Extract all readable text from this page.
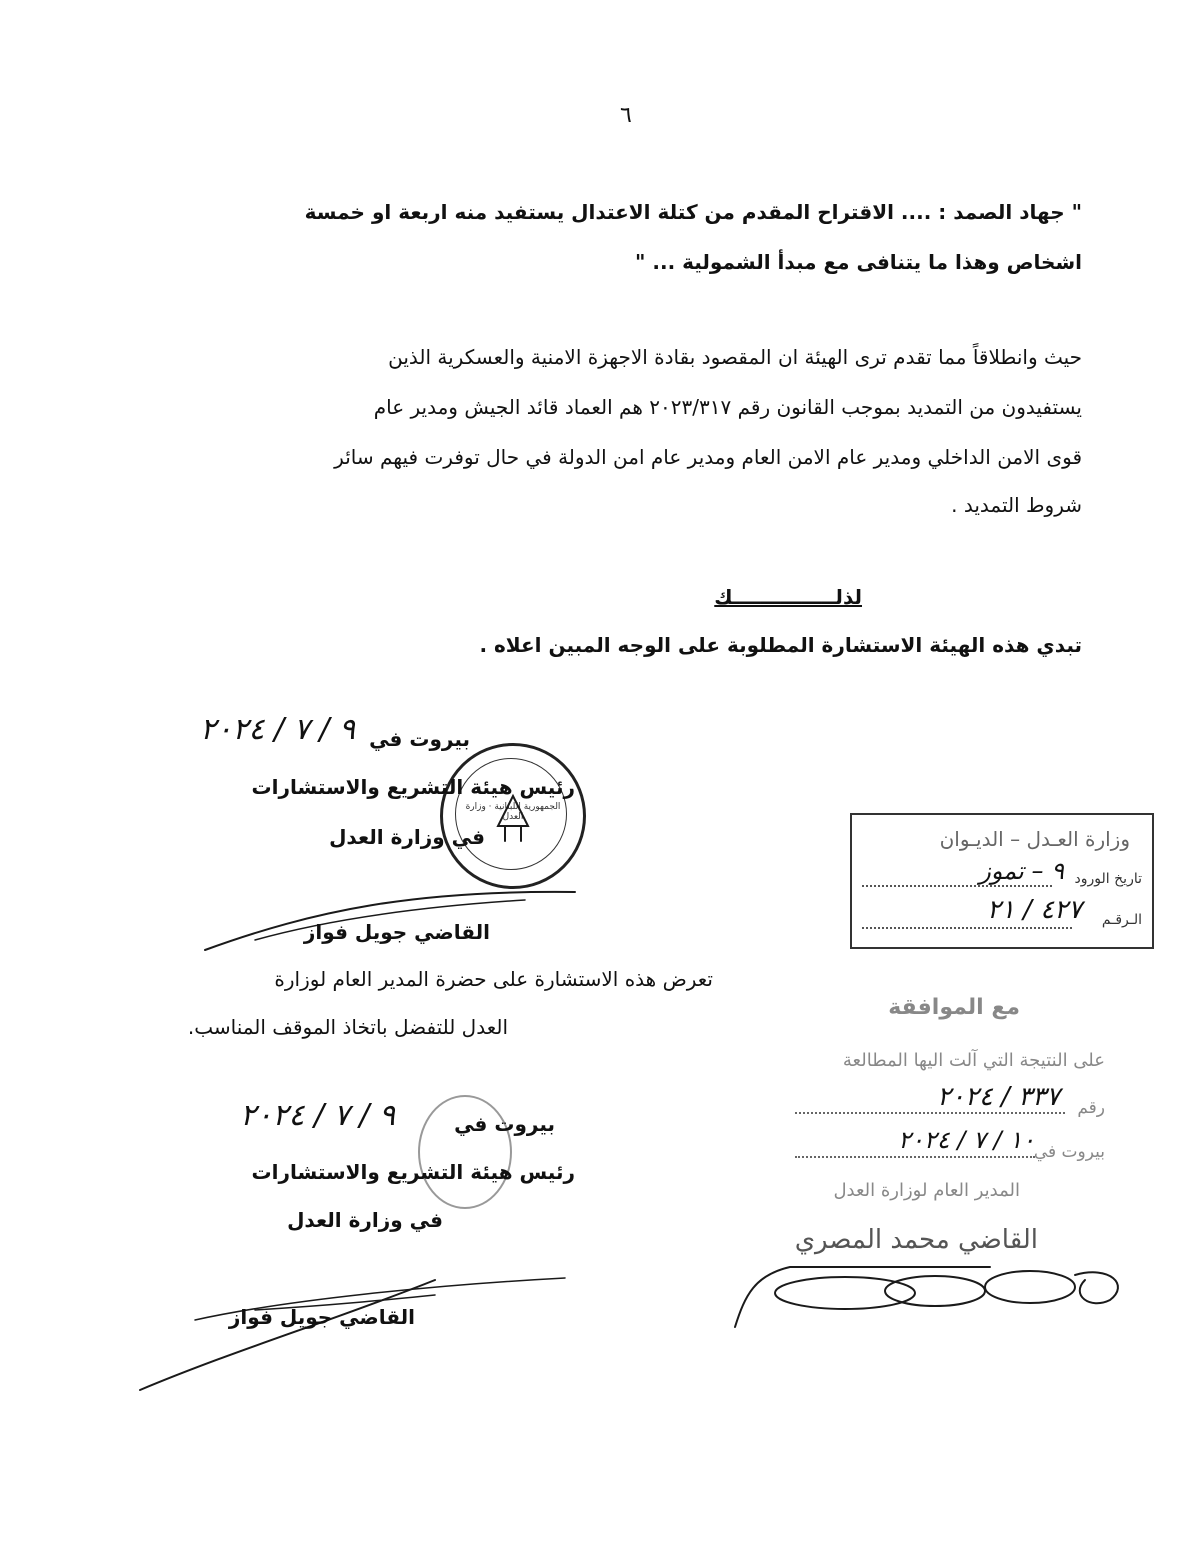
٦
" جهاد الصمد : .... الاقتراح المقدم من كتلة الاعتدال يستفيد منه اربعة او خمسة
اشخاص وهذا ما يتنافى مع مبدأ الشمولية ... "
حيث وانطلاقاً مما تقدم ترى الهيئة ان المقصود بقادة الاجهزة الامنية والعسكرية الذين
يستفيدون من التمديد بموجب القانون رقم ٢٠٢٣/٣١٧ هم العماد قائد الجيش ومدير عام
قوى الامن الداخلي ومدير عام الامن العام ومدير عام امن الدولة في حال توفرت فيهم سائر
شروط التمديد .
لذلـــــــــــــــك
تبدي هذه الهيئة الاستشارة المطلوبة على الوجه المبين اعلاه .
الجمهورية اللبنانية · وزارة العدل
بيروت في
٩ / ٧ / ٢٠٢٤
رئيس هيئة التشريع والاستشارات
في وزارة العدل
القاضي جويل فواز
تعرض هذه الاستشارة على حضرة المدير العام لوزارة
العدل للتفضل باتخاذ الموقف المناسب.
بيروت في
٩ / ٧ / ٢٠٢٤
رئيس هيئة التشريع والاستشارات
في وزارة العدل
القاضي جويل فواز
وزارة العـدل – الديـوان
تاريخ الورود
٩ – تموز
الـرقـم
٤٢٧ / ٢١
مع الموافقة
على النتيجة التي آلت اليها المطالعة
رقم
٣٣٧ / ٢٠٢٤
بيروت في
١٠ / ٧ / ٢٠٢٤
المدير العام لوزارة العدل
القاضي محمد المصري
